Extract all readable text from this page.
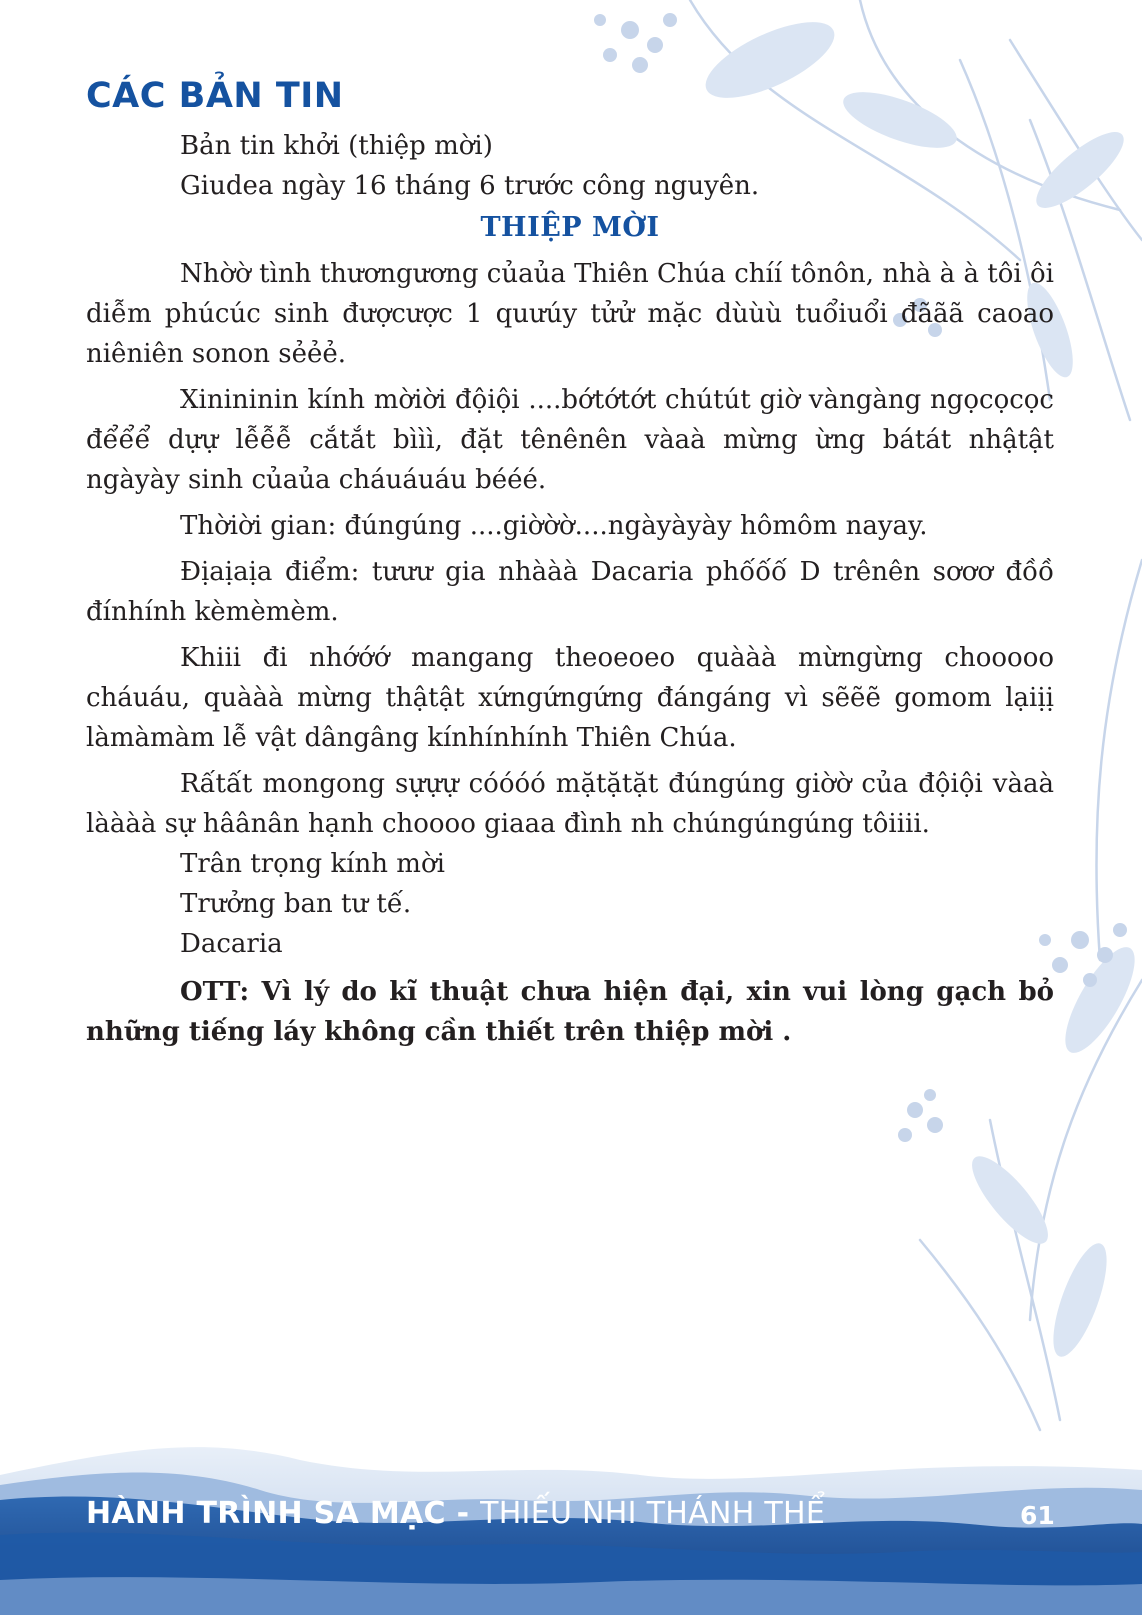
CÁC BẢN TIN

Bản tin khởi (thiệp mời)

Giudea ngày 16 tháng 6 trước công nguyên.

THIỆP MỜI

Nhờờ tình thươngương củaủa Thiên Chúa chíí tônôn, nhà à à tôi ôi diễm phúcúc sinh đượcược 1 quưúy tửử mặc dùùù tuổiuổi đããã caoao niêniên sonon sẻẻẻ.

Xinininin kính mờiời độiội ....bớtớtớt chútút giờ vàngàng ngọcọcọc đểểể dựự lễễễ cắtắt bììì, đặt tênênên vàaà mừng ừng bátát nhậtật ngàyày sinh củaủa cháuáuáu bééé.

Thờiời gian: đúngúng ....giờờờ....ngàyàyày hômôm nayay.

Địaịaịa điểm: tưưư gia nhààà Dacaria phốốố D trênên sơơơ đồồ đínhính kèmèmèm.

Khiii đi nhớớớ mangang theoeoeo quààà mừngừng chooooo cháuáu, quààà mừng thậtật xứngứngứng đángáng vì sẽẽẽ gomom lạiịị làmàmàm lễ vật dângâng kínhínhính Thiên Chúa.

Rấtất mongong sựựự cóóóó mặtặtặt đúngúng giờờ của độiội vàaà làààà sự hâânân hạnh choooo giaaa đình nh chúngúngúng tôiiii.

Trân trọng kính mời

Trưởng ban tư tế.

Dacaria

OTT: Vì lý do kĩ thuật chưa hiện đại, xin vui lòng gạch bỏ những tiếng láy không cần thiết trên thiệp mời .

HÀNH TRÌNH SA MẠC - THIẾU NHI THÁNH THỂ	61
